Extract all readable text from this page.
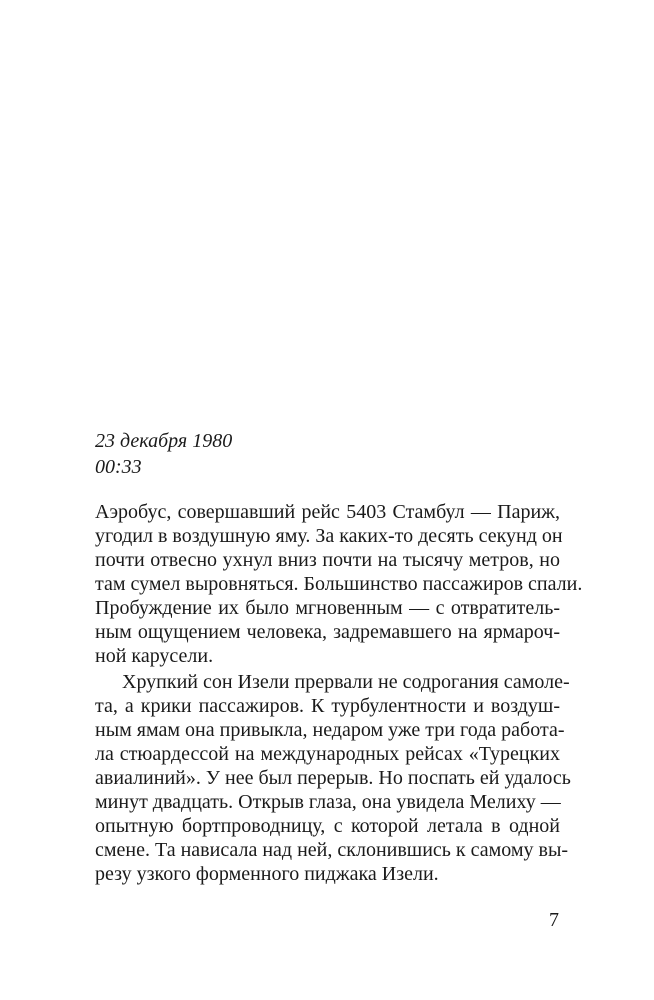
23 декабря 1980
00:33

Аэробус, совершавший рейс 5403 Стамбул — Париж,
угодил в воздушную яму. За каких-то десять секунд он
почти отвесно ухнул вниз почти на тысячу метров, но
там сумел выровняться. Большинство пассажиров спали.
Пробуждение их было мгновенным — с отвратитель-
ным ощущением человека, задремавшего на ярмароч-
ной карусели.

Хрупкий сон Изели прервали не содрогания самоле-
та, а крики пассажиров. К турбулентности и воздуш-
ным ямам она привыкла, недаром уже три года работа-
ла стюардессой на международных рейсах «Турецких
авиалиний». У нее был перерыв. Но поспать ей удалось
минут двадцать. Открыв глаза, она увидела Мелиху —
опытную бортпроводницу, с которой летала в одной
смене. Та нависала над ней, склонившись к самому вы-
резу узкого форменного пиджака Изели.

7
